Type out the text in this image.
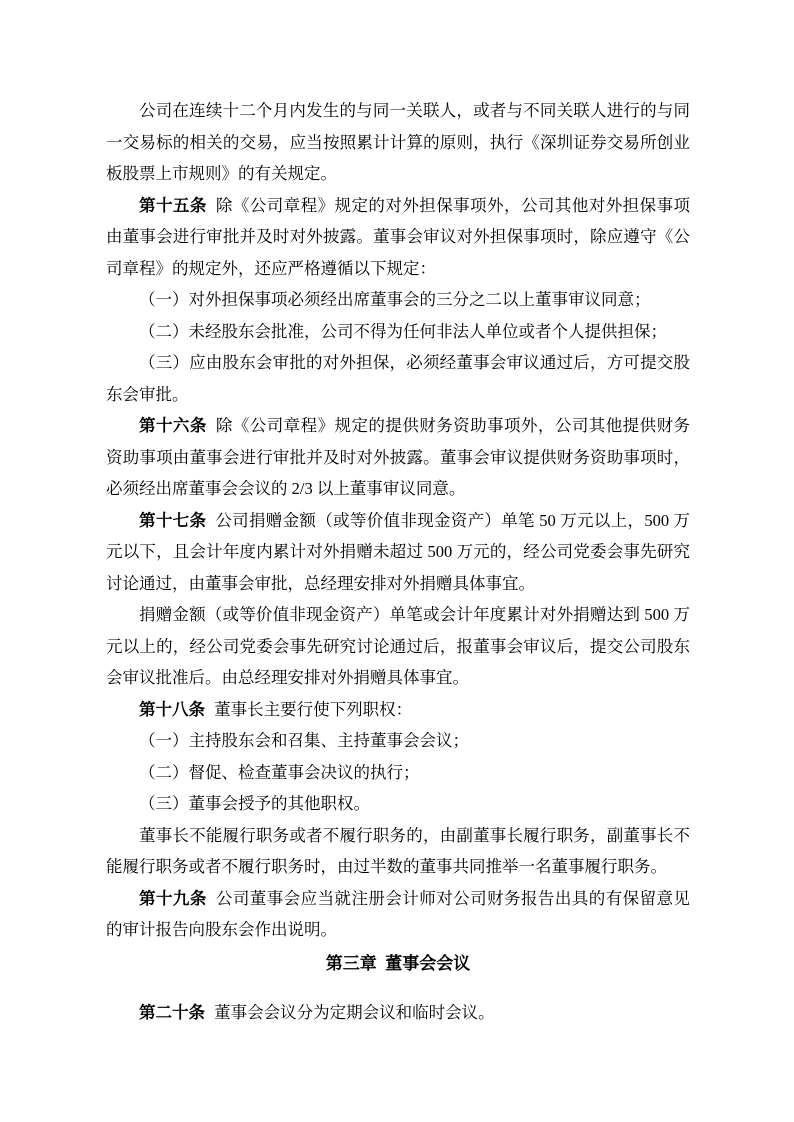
公司在连续十二个月内发生的与同一关联人，或者与不同关联人进行的与同一交易标的相关的交易，应当按照累计计算的原则，执行《深圳证券交易所创业板股票上市规则》的有关规定。

第十五条 除《公司章程》规定的对外担保事项外，公司其他对外担保事项由董事会进行审批并及时对外披露。董事会审议对外担保事项时，除应遵守《公司章程》的规定外，还应严格遵循以下规定：

（一）对外担保事项必须经出席董事会的三分之二以上董事审议同意；

（二）未经股东会批准，公司不得为任何非法人单位或者个人提供担保；

（三）应由股东会审批的对外担保，必须经董事会审议通过后，方可提交股东会审批。

第十六条 除《公司章程》规定的提供财务资助事项外，公司其他提供财务资助事项由董事会进行审批并及时对外披露。董事会审议提供财务资助事项时，必须经出席董事会会议的 2/3 以上董事审议同意。

第十七条 公司捐赠金额（或等价值非现金资产）单笔 50 万元以上，500 万元以下，且会计年度内累计对外捐赠未超过 500 万元的，经公司党委会事先研究讨论通过，由董事会审批，总经理安排对外捐赠具体事宜。

捐赠金额（或等价值非现金资产）单笔或会计年度累计对外捐赠达到 500 万元以上的，经公司党委会事先研究讨论通过后，报董事会审议后，提交公司股东会审议批准后。由总经理安排对外捐赠具体事宜。

第十八条 董事长主要行使下列职权：

（一）主持股东会和召集、主持董事会会议；

（二）督促、检查董事会决议的执行；

（三）董事会授予的其他职权。

董事长不能履行职务或者不履行职务的，由副董事长履行职务，副董事长不能履行职务或者不履行职务时，由过半数的董事共同推举一名董事履行职务。

第十九条 公司董事会应当就注册会计师对公司财务报告出具的有保留意见的审计报告向股东会作出说明。

第三章 董事会会议

第二十条 董事会会议分为定期会议和临时会议。
